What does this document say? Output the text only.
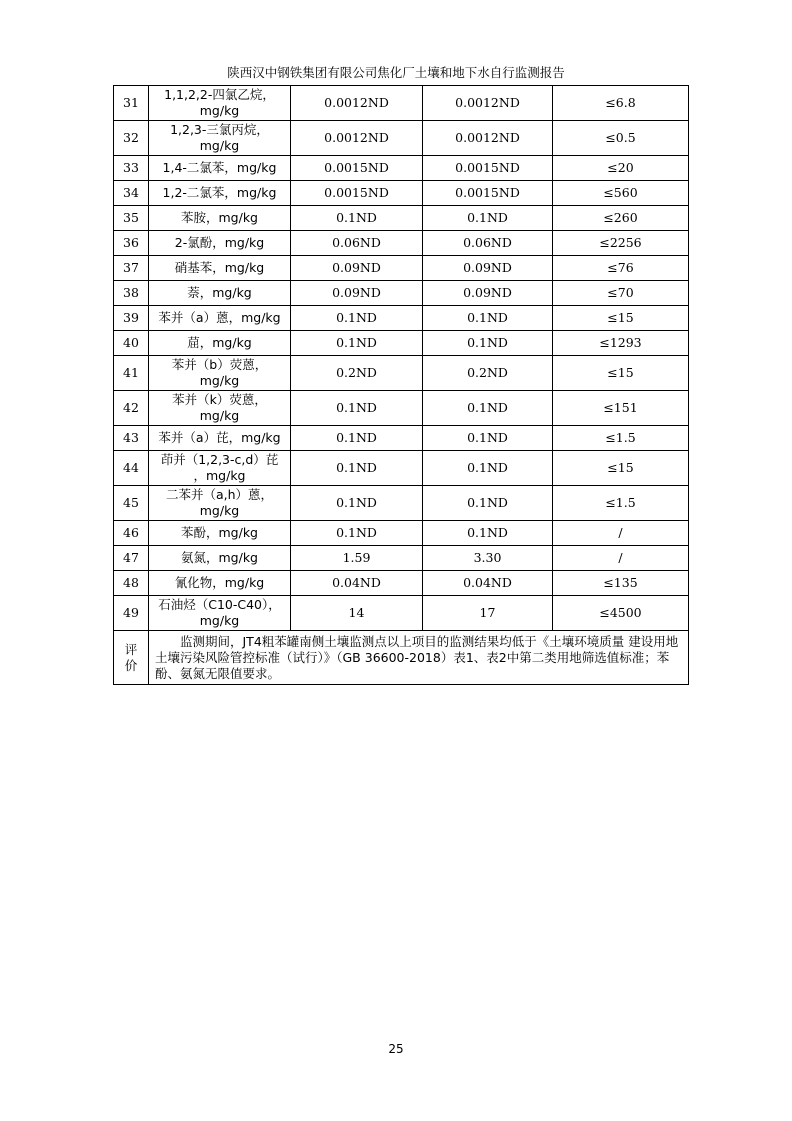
陕西汉中钢铁集团有限公司焦化厂土壤和地下水自行监测报告
31	1,1,2,2-四氯乙烷，
mg/kg	0.0012ND	0.0012ND	≤6.8
32	1,2,3-三氯丙烷，
mg/kg	0.0012ND	0.0012ND	≤0.5
33	1,4-二氯苯，mg/kg	0.0015ND	0.0015ND	≤20
34	1,2-二氯苯，mg/kg	0.0015ND	0.0015ND	≤560
35	苯胺，mg/kg	0.1ND	0.1ND	≤260
36	2-氯酚，mg/kg	0.06ND	0.06ND	≤2256
37	硝基苯，mg/kg	0.09ND	0.09ND	≤76
38	萘，mg/kg	0.09ND	0.09ND	≤70
39	苯并（a）蒽，mg/kg	0.1ND	0.1ND	≤15
40	䓛，mg/kg	0.1ND	0.1ND	≤1293
41	苯并（b）荧蒽，
mg/kg	0.2ND	0.2ND	≤15
42	苯并（k）荧蒽，
mg/kg	0.1ND	0.1ND	≤151
43	苯并（a）芘，mg/kg	0.1ND	0.1ND	≤1.5
44	茚并（1,2,3-c,d）芘
，mg/kg	0.1ND	0.1ND	≤15
45	二苯并（a,h）蒽，
mg/kg	0.1ND	0.1ND	≤1.5
46	苯酚，mg/kg	0.1ND	0.1ND	/
47	氨氮，mg/kg	1.59	3.30	/
48	氰化物，mg/kg	0.04ND	0.04ND	≤135
49	石油烃（C10-C40），
mg/kg	14	17	≤4500
评
价	监测期间，JT4粗苯罐南侧土壤监测点以上项目的监测结果均低于《土壤环境质量 建设用地土壤污染风险管控标准（试行）》（GB 36600-2018）表1、表2中第二类用地筛选值标准；苯酚、氨氮无限值要求。			
25
